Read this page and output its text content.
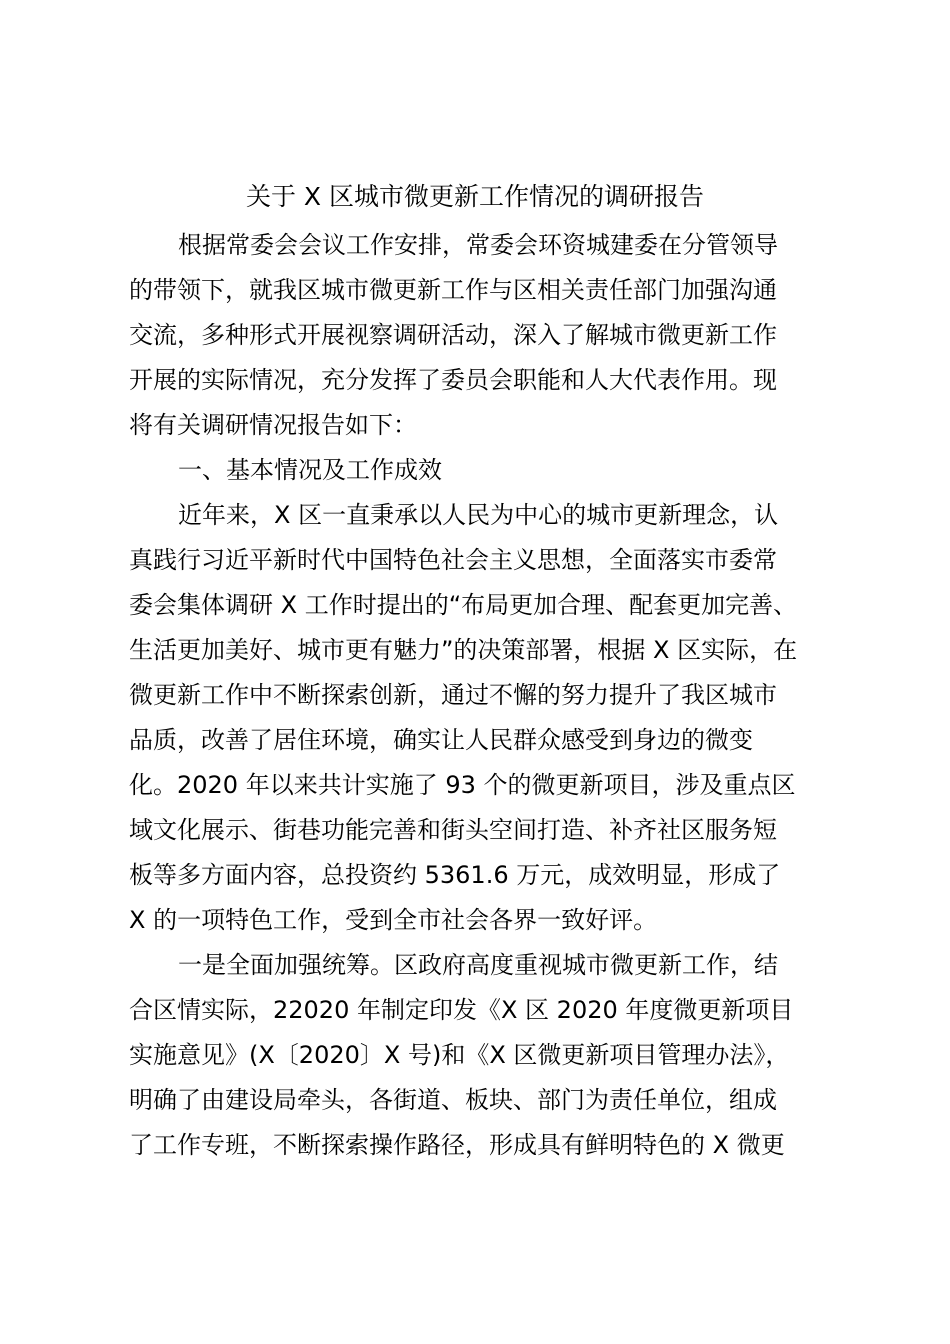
关于 X 区城市微更新工作情况的调研报告
根据常委会会议工作安排，常委会环资城建委在分管领导
的带领下，就我区城市微更新工作与区相关责任部门加强沟通
交流，多种形式开展视察调研活动，深入了解城市微更新工作
开展的实际情况，充分发挥了委员会职能和人大代表作用。现
将有关调研情况报告如下：
一、基本情况及工作成效
近年来，X 区一直秉承以人民为中心的城市更新理念，认
真践行习近平新时代中国特色社会主义思想，全面落实市委常
委会集体调研 X 工作时提出的“布局更加合理、配套更加完善、
生活更加美好、城市更有魅力”的决策部署，根据 X 区实际，在
微更新工作中不断探索创新，通过不懈的努力提升了我区城市
品质，改善了居住环境，确实让人民群众感受到身边的微变
化。2020 年以来共计实施了 93 个的微更新项目，涉及重点区
域文化展示、街巷功能完善和街头空间打造、补齐社区服务短
板等多方面内容，总投资约 5361.6 万元，成效明显，形成了
X 的一项特色工作，受到全市社会各界一致好评。
一是全面加强统筹。区政府高度重视城市微更新工作，结
合区情实际，22020 年制定印发《X 区 2020 年度微更新项目
实施意见》(X〔2020〕X 号)和《X 区微更新项目管理办法》，
明确了由建设局牵头，各街道、板块、部门为责任单位，组成
了工作专班，不断探索操作路径，形成具有鲜明特色的 X 微更
